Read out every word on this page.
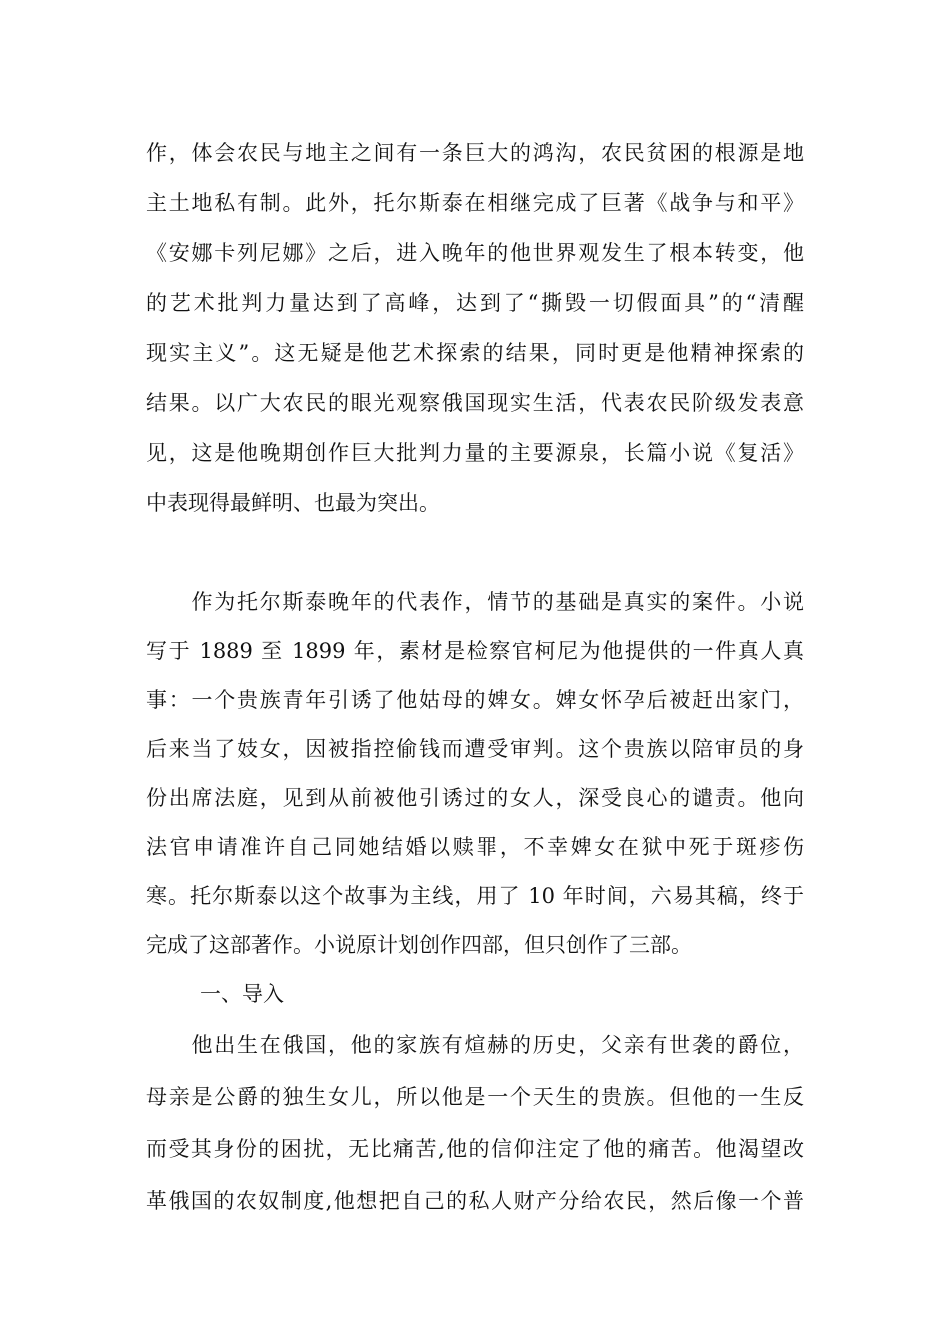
作，体会农民与地主之间有一条巨大的鸿沟，农民贫困的根源是地
主土地私有制。此外，托尔斯泰在相继完成了巨著《战争与和平》
《安娜卡列尼娜》之后，进入晚年的他世界观发生了根本转变，他
的艺术批判力量达到了高峰，达到了“撕毁一切假面具”的“清醒
现实主义”。这无疑是他艺术探索的结果，同时更是他精神探索的
结果。以广大农民的眼光观察俄国现实生活，代表农民阶级发表意
见，这是他晚期创作巨大批判力量的主要源泉，长篇小说《复活》
中表现得最鲜明、也最为突出。
　　作为托尔斯泰晚年的代表作，情节的基础是真实的案件。小说
写于 1889 至 1899 年，素材是检察官柯尼为他提供的一件真人真
事：一个贵族青年引诱了他姑母的婢女。婢女怀孕后被赶出家门，
后来当了妓女，因被指控偷钱而遭受审判。这个贵族以陪审员的身
份出席法庭，见到从前被他引诱过的女人，深受良心的谴责。他向
法官申请准许自己同她结婚以赎罪，不幸婢女在狱中死于斑疹伤
寒。托尔斯泰以这个故事为主线，用了 10 年时间，六易其稿，终于
完成了这部著作。小说原计划创作四部，但只创作了三部。
一、导入
　　他出生在俄国，他的家族有煊赫的历史，父亲有世袭的爵位，
母亲是公爵的独生女儿，所以他是一个天生的贵族。但他的一生反
而受其身份的困扰，无比痛苦,他的信仰注定了他的痛苦。他渴望改
革俄国的农奴制度,他想把自己的私人财产分给农民，然后像一个普
